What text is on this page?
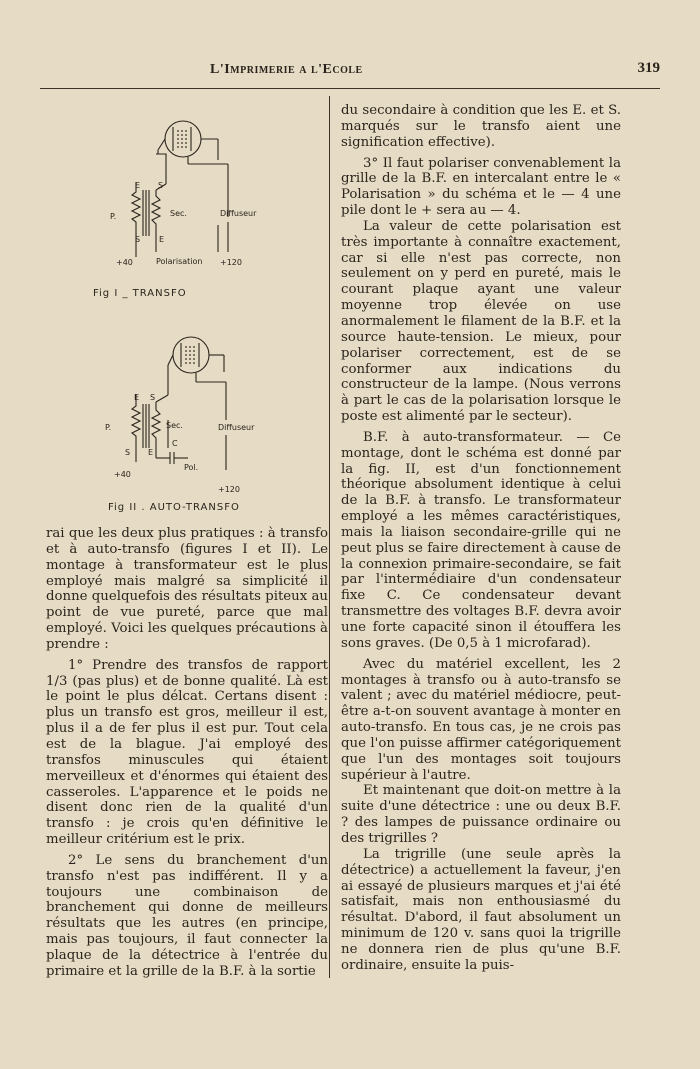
L'Imprimerie a l'Ecole	319
P.	Sec.	Diffuseur
E S
S E
+40	Polarisation +120
Fig I _ TRANSFO
P.	Sec.
C
Diffuseur
E S
S E
Pol.
+40
+120
Fig II . AUTO-TRANSFO

rai que les deux plus pratiques : à transfo et à auto-transfo (figures I et II). Le montage à transformateur est le plus employé mais malgré sa simplicité il donne quelquefois des résultats piteux au point de vue pureté, parce que mal employé. Voici les quelques précautions à prendre :

1° Prendre des transfos de rapport 1/3 (pas plus) et de bonne qualité. Là est le point le plus délcat. Certans disent : plus un transfo est gros, meilleur il est, plus il a de fer plus il est pur. Tout cela est de la blague. J'ai employé des transfos minuscules qui étaient merveilleux et d'énormes qui étaient des casseroles. L'apparence et le poids ne disent donc rien de la qualité d'un transfo : je crois qu'en définitive le meilleur critérium est le prix.

2° Le sens du branchement d'un transfo n'est pas indifférent. Il y a toujours une combinaison de branchement qui donne de meilleurs résultats que les autres (en principe, mais pas toujours, il faut connecter la plaque de la détectrice à l'entrée du primaire et la grille de la B.F. à la sortie

du secondaire à condition que les E. et S. marqués sur le transfo aient une signification effective).

3° Il faut polariser convenablement la grille de la B.F. en intercalant entre le « Polarisation » du schéma et le — 4 une pile dont le + sera au — 4.

La valeur de cette polarisation est très importante à connaître exactement, car si elle n'est pas correcte, non seulement on y perd en pureté, mais le courant plaque ayant une valeur moyenne trop élevée on use anormalement le filament de la B.F. et la source haute-tension. Le mieux, pour polariser correctement, est de se conformer aux indications du constructeur de la lampe. (Nous verrons à part le cas de la polarisation lorsque le poste est alimenté par le secteur).

B.F. à auto-transformateur. — Ce montage, dont le schéma est donné par la fig. II, est d'un fonctionnement théorique absolument identique à celui de la B.F. à transfo. Le transformateur employé a les mêmes caractéristiques, mais la liaison secondaire-grille qui ne peut plus se faire directement à cause de la connexion primaire-secondaire, se fait par l'intermédiaire d'un condensateur fixe C. Ce condensateur devant transmettre des voltages B.F. devra avoir une forte capacité sinon il étouffera les sons graves. (De 0,5 à 1 microfarad).

Avec du matériel excellent, les 2 montages à transfo ou à auto-transfo se valent ; avec du matériel médiocre, peut-être a-t-on souvent avantage à monter en auto-transfo. En tous cas, je ne crois pas que l'on puisse affirmer catégoriquement que l'un des montages soit toujours supérieur à l'autre.

Et maintenant que doit-on mettre à la suite d'une détectrice : une ou deux B.F. ? des lampes de puissance ordinaire ou des trigrilles ?

La trigrille (une seule après la détectrice) a actuellement la faveur, j'en ai essayé de plusieurs marques et j'ai été satisfait, mais non enthousiasmé du résultat. D'abord, il faut absolument un minimum de 120 v. sans quoi la trigrille ne donnera rien de plus qu'une B.F. ordinaire, ensuite la puis-
